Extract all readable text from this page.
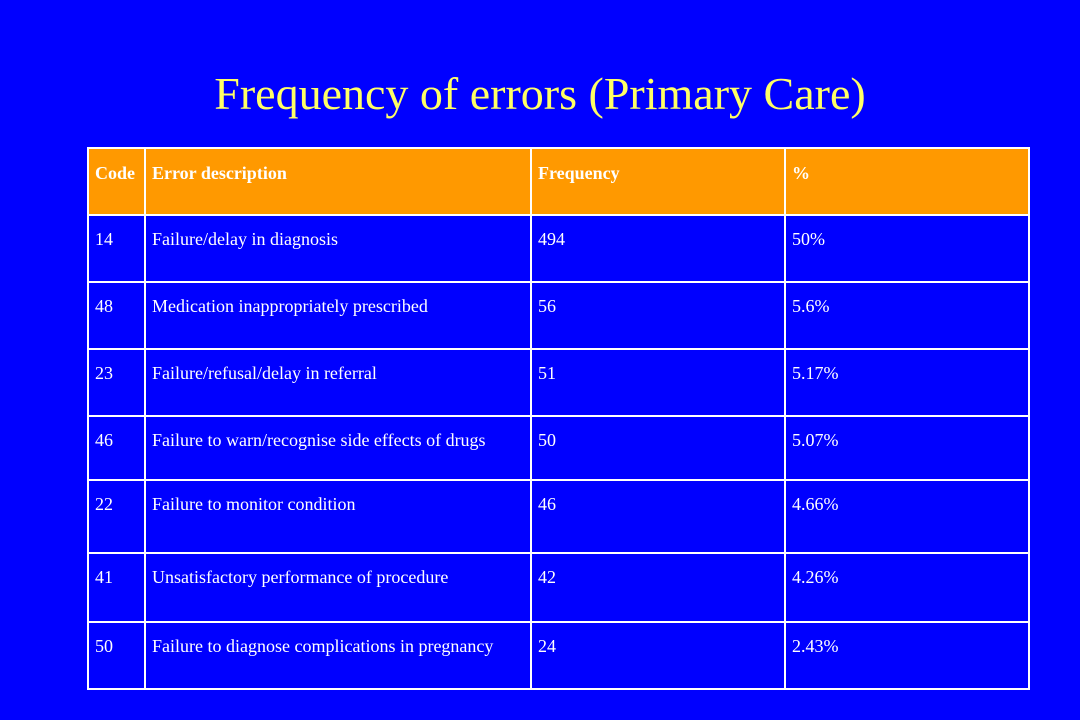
Frequency of errors (Primary Care)
Code	Error description	Frequency	%
14	Failure/delay in diagnosis	494	50%
48	Medication inappropriately prescribed	56	5.6%
23	Failure/refusal/delay in referral	51	5.17%
46	Failure to warn/recognise side effects of drugs	50	5.07%
22	Failure to monitor condition	46	4.66%
41	Unsatisfactory performance of procedure	42	4.26%
50	Failure to diagnose complications in pregnancy	24	2.43%
